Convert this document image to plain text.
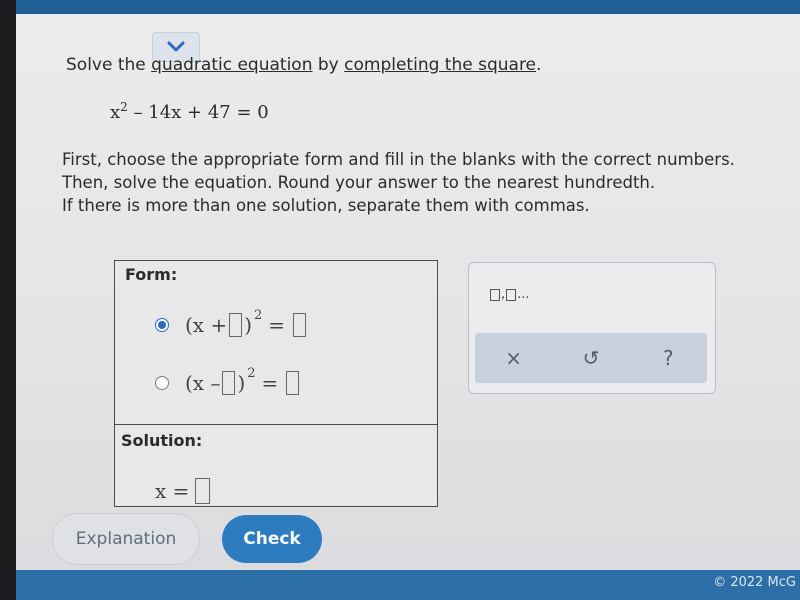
Solve the quadratic equation by completing the square.
$x^2 - 14x + 47 = 0$
First, choose the appropriate form and fill in the blanks with the correct numbers.
Then, solve the equation. Round your answer to the nearest hundredth.
If there is more than one solution, separate them with commas.
Form:
$(x + )^2$ =
(x – )$^2$ =
Solution:
x =
, ...
×	↺	?
Explanation	Check
© 2022 McG
